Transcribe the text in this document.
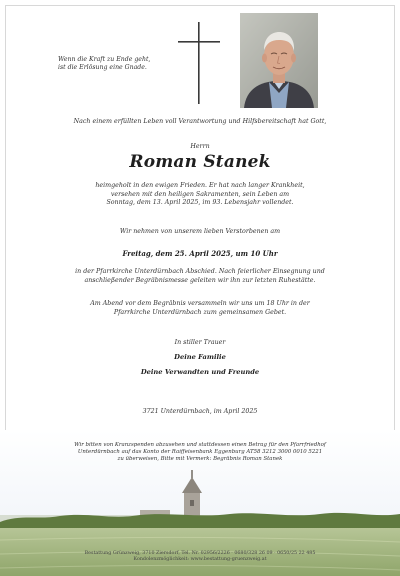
Wenn die Kraft zu Ende geht,
ist die Erlösung eine Gnade.
Nach einem erfüllten Leben voll Verantwortung und Hilfsbereitschaft hat Gott,
Herrn
Roman Stanek
heimgeholt in den ewigen Frieden. Er hat nach langer Krankheit,
versehen mit den heiligen Sakramenten, sein Leben am
Sonntag, dem 13. April 2025, im 93. Lebensjahr vollendet.
Wir nehmen von unserem lieben Verstorbenen am
Freitag, dem 25. April 2025, um 10 Uhr
in der Pfarrkirche Unterdürnbach Abschied. Nach feierlicher Einsegnung und
anschließender Begräbnismesse geleiten wir ihn zur letzten Ruhestätte.
Am Abend vor dem Begräbnis versammeln wir uns um 18 Uhr in der
Pfarrkirche Unterdürnbach zum gemeinsamen Gebet.
In stiller Trauer
Deine Familie
Deine Verwandten und Freunde
3721 Unterdürnbach, im April 2025
Wir bitten von Kranzspenden abzusehen und stattdessen einen Betrag für den Pfarrfriedhof
Unterdürnbach auf das Konto der Raiffeisenbank Eggenburg AT58 3212 3000 0010 5221
zu überweisen, Bitte mit Vermerk: Begräbnis Roman Stanek
Bestattung Grünzweig, 3710 Ziersdorf, Tel. Nr. 02956/2226 · 0680/328 26 09 · 0650/25 22 485
Kondolenzmöglichkeit: www.bestattung-gruenzweig.at
